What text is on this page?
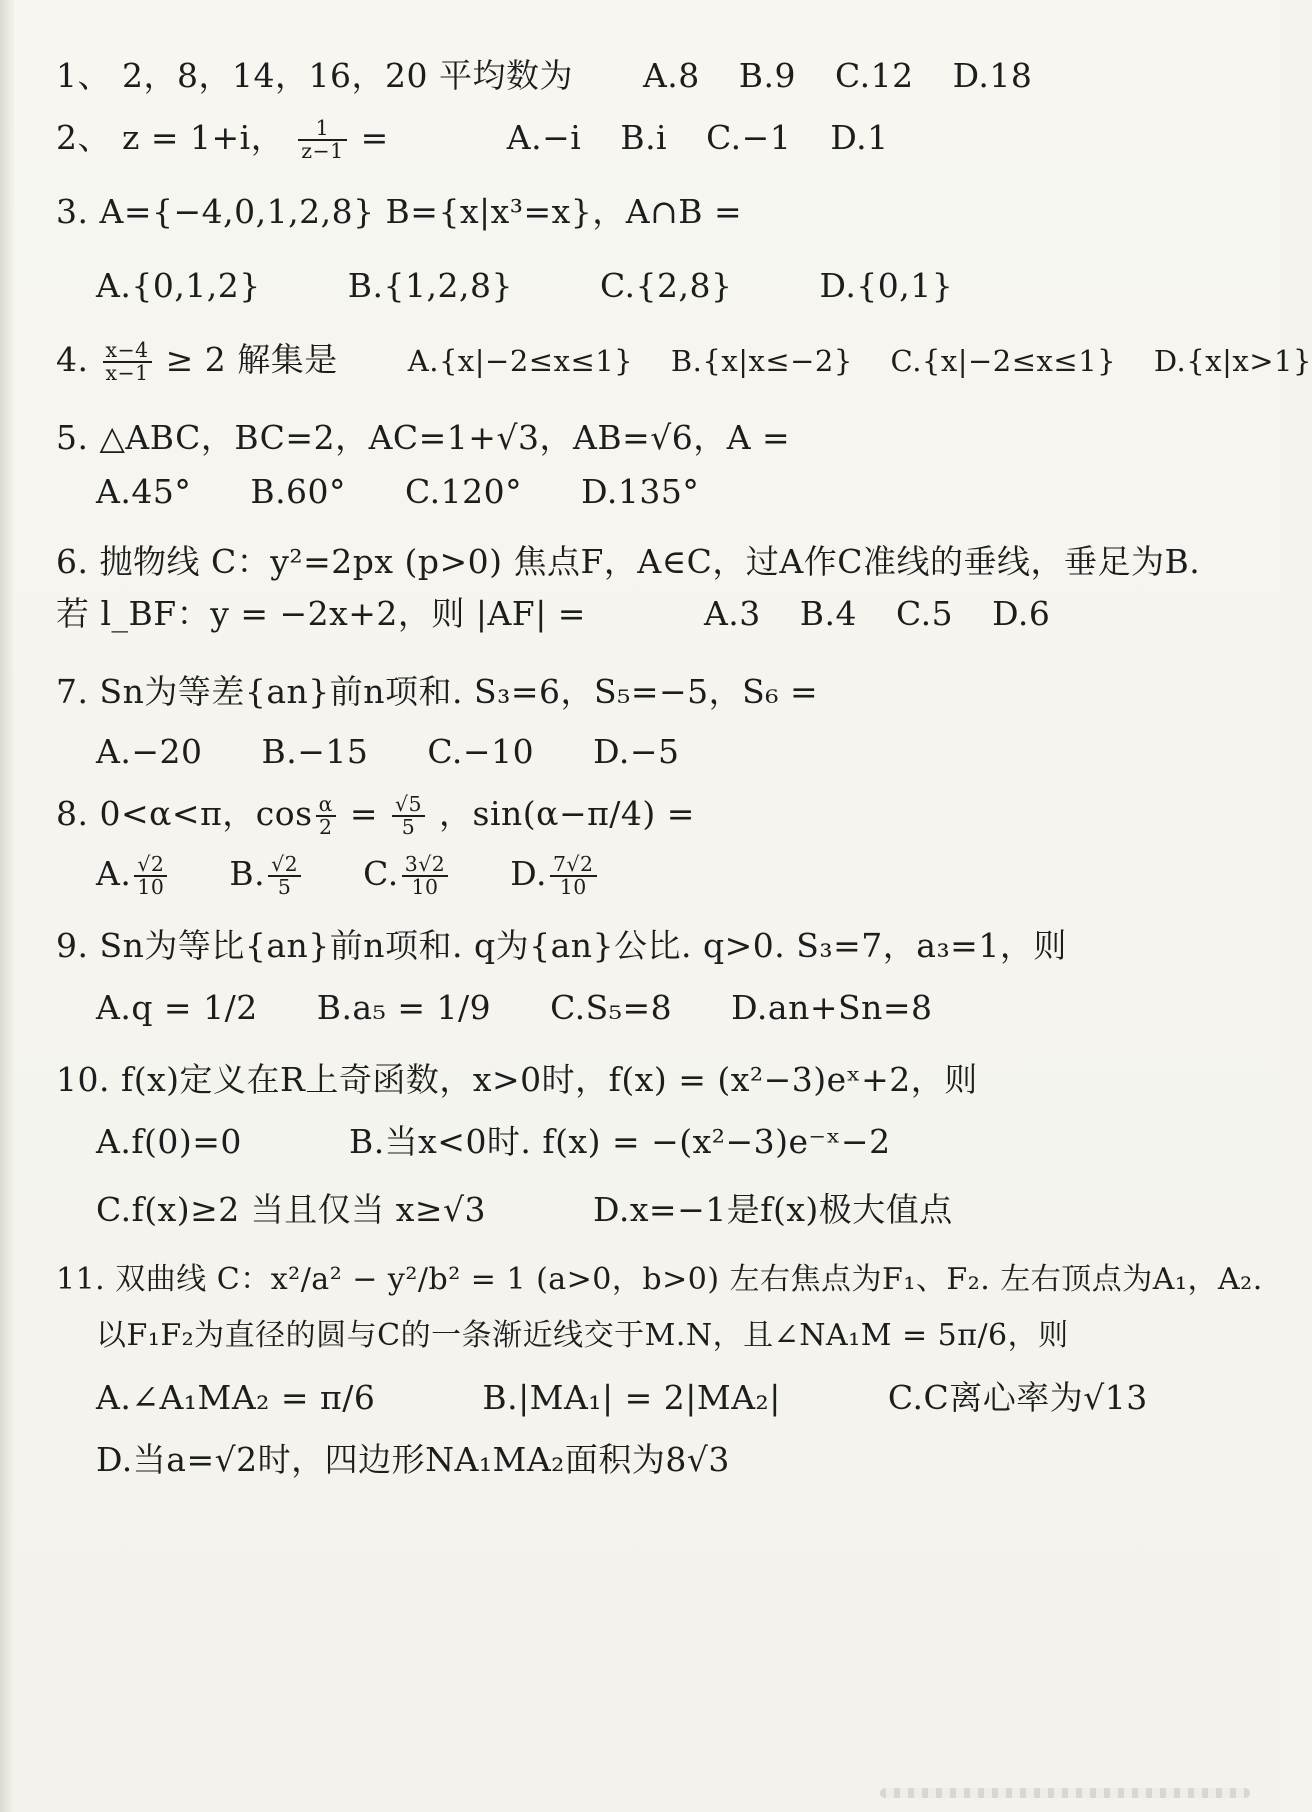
1、 2，8，14，16，20 平均数为 A.8 B.9 C.12 D.18
2、 z = 1+i， $\frac{1}{z-1}$ =	A.−i B.i C.−1 D.1
3. A={−4,0,1,2,8} B={x|x³=x}，A∩B =
A.{0,1,2}	B.{1,2,8}	C.{2,8}	D.{0,1}
4. $\frac{x-4}{x-1} \ge 2$ 解集是 A.{x|−2≤x≤1} B.{x|x≤−2} C.{x|−2≤x≤1} D.{x|x>1}
5. △ABC，BC=2，AC=1+√3，AB=√6，A =
A.45° B.60° C.120° D.135°
6. 抛物线 C：y²=2px (p>0) 焦点F，A∈C，过A作C准线的垂线，垂足为B.
若 l_BF：y = −2x+2，则 |AF| =	A.3 B.4 C.5 D.6
7. Sn为等差{an}前n项和. S₃=6，S₅=−5，S₆ =
A.−20 B.−15 C.−10 D.−5
8. 0<α<π，$\cos \frac{\alpha}{2} = \frac{√5}{5}$ ，sin(α−π/4) =
A. $\frac{√2}{10} B$. $\frac{√2}{5} C$. $\frac{3√2}{10} D$. $\frac{7√2}{10}$
9. Sn为等比{an}前n项和. q为{an}公比. q>0. S₃=7，a₃=1，则
A.q = 1/2 B.a₅ = 1/9 C.S₅=8 D.an+Sn=8
10. f(x)定义在R上奇函数，x>0时，f(x) = (x²−3)eˣ+2，则
A.f(0)=0	B.当x<0时. f(x) = −(x²−3)e⁻ˣ−2
C.f(x)≥2 当且仅当 x≥√3	D.x=−1是f(x)极大值点
11. 双曲线 C：x²/a² − y²/b² = 1 (a>0，b>0) 左右焦点为F₁、F₂. 左右顶点为A₁，A₂.
以F₁F₂为直径的圆与C的一条渐近线交于M.N，且∠NA₁M = 5π/6，则
A.∠A₁MA₂ = π/6	B.|MA₁| = 2|MA₂|	C.C离心率为√13
D.当a=√2时，四边形NA₁MA₂面积为8√3
